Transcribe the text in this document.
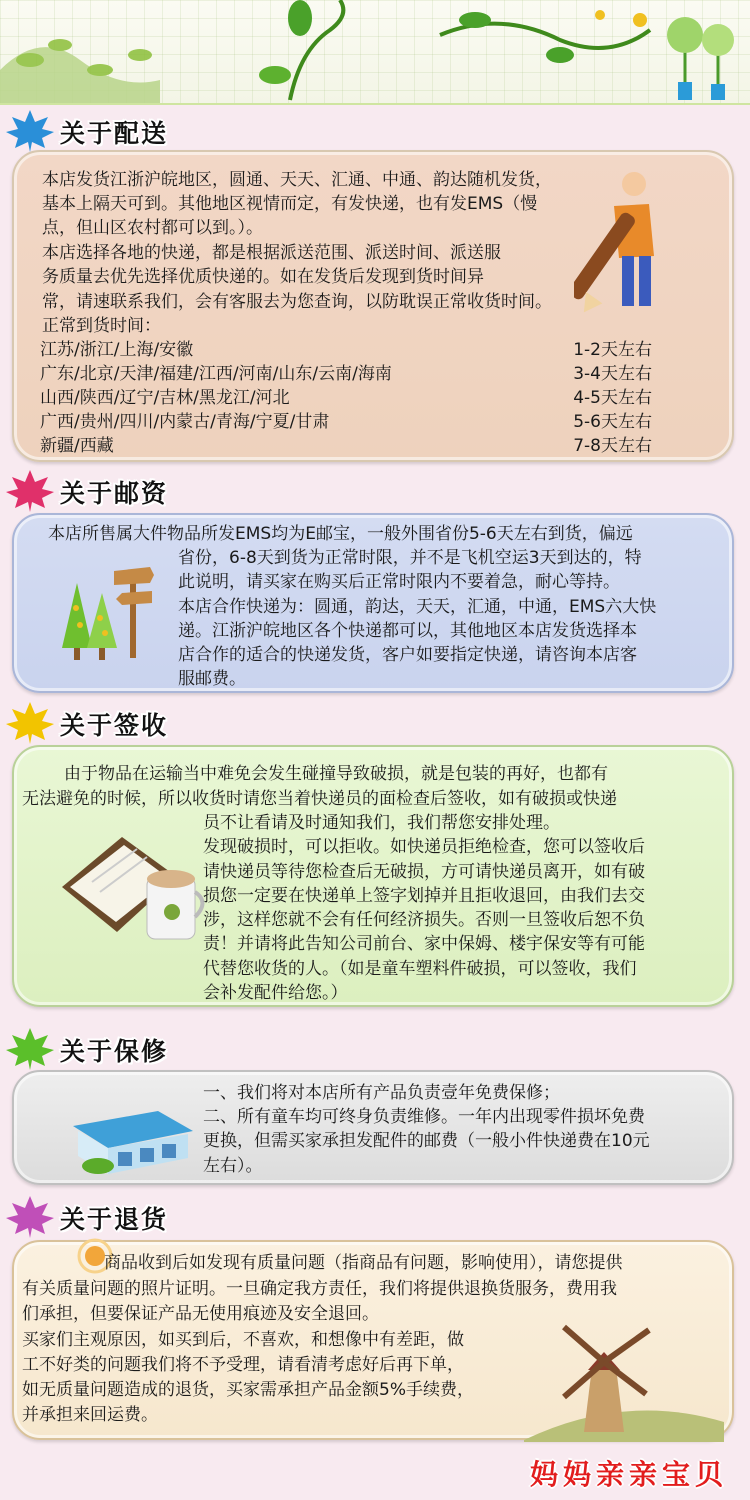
关于配送
本店发货江浙沪皖地区，圆通、天天、汇通、中通、韵达随机发货，
基本上隔天可到。其他地区视情而定，有发快递，也有发EMS（慢
点，但山区农村都可以到。）。
本店选择各地的快递，都是根据派送范围、派送时间、派送服
务质量去优先选择优质快递的。如在发货后发现到货时间异
常，请速联系我们，会有客服去为您查询，以防耽误正常收货时间。
正常到货时间：
江苏/浙江/上海/安徽	1-2天左右
广东/北京/天津/福建/江西/河南/山东/云南/海南	3-4天左右
山西/陕西/辽宁/吉林/黑龙江/河北	4-5天左右
广西/贵州/四川/内蒙古/青海/宁夏/甘肃	5-6天左右
新疆/西藏	7-8天左右
关于邮资
本店所售属大件物品所发EMS均为E邮宝，一般外围省份5-6天左右到货，偏远
省份，6-8天到货为正常时限，并不是飞机空运3天到达的，特
此说明，请买家在购买后正常时限内不要着急，耐心等持。
本店合作快递为：圆通，韵达，天天，汇通，中通，EMS六大快
递。江浙沪皖地区各个快递都可以，其他地区本店发货选择本
店合作的适合的快递发货，客户如要指定快递，请咨询本店客
服邮费。
关于签收
由于物品在运输当中难免会发生碰撞导致破损，就是包装的再好，也都有
无法避免的时候，所以收货时请您当着快递员的面检查后签收，如有破损或快递
员不让看请及时通知我们，我们帮您安排处理。
发现破损时，可以拒收。如快递员拒绝检查，您可以签收后
请快递员等待您检查后无破损，方可请快递员离开，如有破
损您一定要在快递单上签字划掉并且拒收退回，由我们去交
涉，这样您就不会有任何经济损失。否则一旦签收后恕不负
责！并请将此告知公司前台、家中保姆、楼宇保安等有可能
代替您收货的人。（如是童车塑料件破损，可以签收，我们
会补发配件给您。）
关于保修
一、我们将对本店所有产品负责壹年免费保修；
二、所有童车均可终身负责维修。一年内出现零件损坏免费
更换，但需买家承担发配件的邮费（一般小件快递费在10元
左右）。
关于退货
商品收到后如发现有质量问题（指商品有问题，影响使用），请您提供
有关质量问题的照片证明。一旦确定我方责任，我们将提供退换货服务，费用我
们承担，但要保证产品无使用痕迹及安全退回。
买家们主观原因，如买到后，不喜欢，和想像中有差距，做
工不好类的问题我们将不予受理，请看清考虑好后再下单，
如无质量问题造成的退货，买家需承担产品金额5%手续费，
并承担来回运费。
妈妈亲亲宝贝
